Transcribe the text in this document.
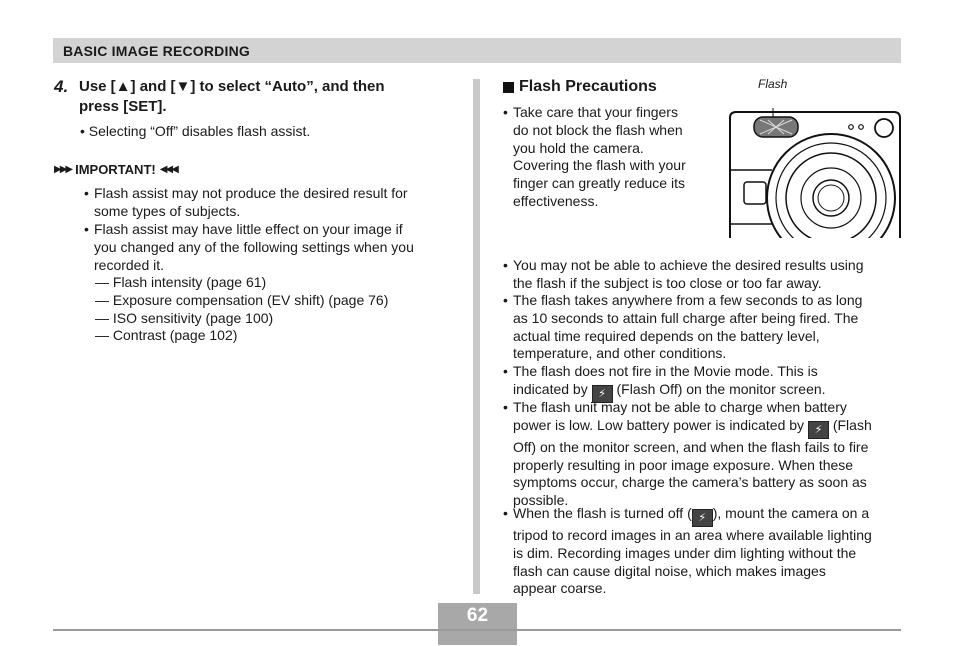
BASIC IMAGE RECORDING
4. Use [▲] and [▼] to select “Auto”, and then
press [SET].
• Selecting “Off” disables flash assist.
▶▶▶ IMPORTANT! ◀◀◀
• Flash assist may not produce the desired result for
some types of subjects.
• Flash assist may have little effect on your image if
you changed any of the following settings when you
recorded it.
— Flash intensity (page 61)
— Exposure compensation (EV shift) (page 76)
— ISO sensitivity (page 100)
— Contrast (page 102)
Flash Precautions
• Take care that your fingers
do not block the flash when
you hold the camera.
Covering the flash with your
finger can greatly reduce its
effectiveness.
Flash
• You may not be able to achieve the desired results using
the flash if the subject is too close or too far away.
• The flash takes anywhere from a few seconds to as long
as 10 seconds to attain full charge after being fired. The
actual time required depends on the battery level,
temperature, and other conditions.
• The flash does not fire in the Movie mode. This is
indicated by ⚡ (Flash Off) on the monitor screen.
• The flash unit may not be able to charge when battery
power is low. Low battery power is indicated by ⚡ (Flash
Off) on the monitor screen, and when the flash fails to fire
properly resulting in poor image exposure. When these
symptoms occur, charge the camera’s battery as soon as
possible.
• When the flash is turned off ( ⚡ ), mount the camera on a
tripod to record images in an area where available lighting
is dim. Recording images under dim lighting without the
flash can cause digital noise, which makes images
appear coarse.
62
